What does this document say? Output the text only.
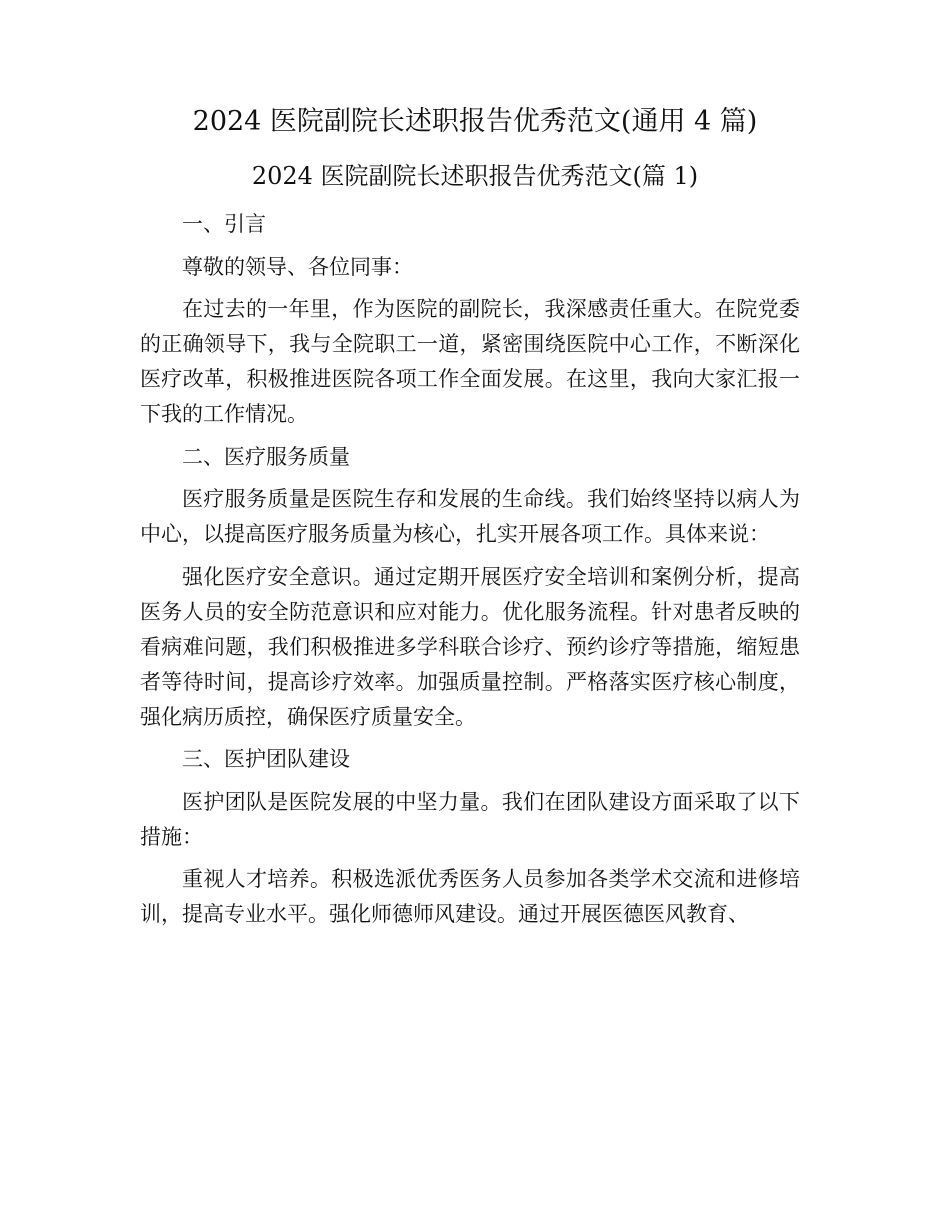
2024 医院副院长述职报告优秀范文(通用 4 篇)
2024 医院副院长述职报告优秀范文(篇 1)

一、引言

尊敬的领导、各位同事：

在过去的一年里，作为医院的副院长，我深感责任重大。在院党委的正确领导下，我与全院职工一道，紧密围绕医院中心工作，不断深化医疗改革，积极推进医院各项工作全面发展。在这里，我向大家汇报一下我的工作情况。

二、医疗服务质量

医疗服务质量是医院生存和发展的生命线。我们始终坚持以病人为中心，以提高医疗服务质量为核心，扎实开展各项工作。具体来说：

强化医疗安全意识。通过定期开展医疗安全培训和案例分析，提高医务人员的安全防范意识和应对能力。优化服务流程。针对患者反映的看病难问题，我们积极推进多学科联合诊疗、预约诊疗等措施，缩短患者等待时间，提高诊疗效率。加强质量控制。严格落实医疗核心制度，强化病历质控，确保医疗质量安全。

三、医护团队建设

医护团队是医院发展的中坚力量。我们在团队建设方面采取了以下措施：

重视人才培养。积极选派优秀医务人员参加各类学术交流和进修培训，提高专业水平。强化师德师风建设。通过开展医德医风教育、
